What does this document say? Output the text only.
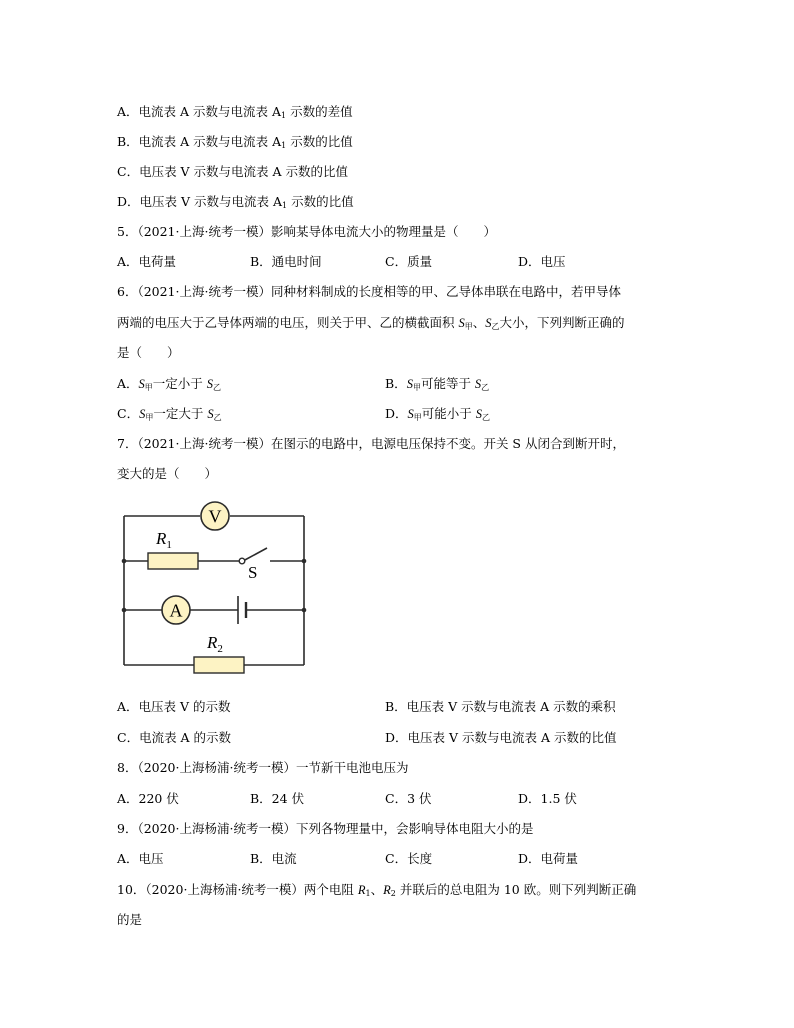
A．电流表 A 示数与电流表 $A_1$ 示数的差值
B．电流表 A 示数与电流表 $A_1$ 示数的比值
C．电压表 V 示数与电流表 A 示数的比值
D．电压表 V 示数与电流表 $A_1$ 示数的比值
5．（2021·上海·统考一模）影响某导体电流大小的物理量是（　　）
A．电荷量	B．通电时间	C．质量	D．电压
6．（2021·上海·统考一模）同种材料制成的长度相等的甲、乙导体串联在电路中，若甲导体
两端的电压大于乙导体两端的电压，则关于甲、乙的横截面积 $S_甲$、$S_乙$大小，下列判断正确的
是（　　）
A．$S_甲$一定小于 $S_乙$	B．$S_甲$可能等于 $S_乙$
C．$S_甲$一定大于 $S_乙$	D．$S_甲$可能小于 $S_乙$
7．（2021·上海·统考一模）在图示的电路中，电源电压保持不变。开关 S 从闭合到断开时，
变大的是（　　）
V
A
$R_1$
S
$R_2$
A．电压表 V 的示数	B．电压表 V 示数与电流表 A 示数的乘积
C．电流表 A 的示数	D．电压表 V 示数与电流表 A 示数的比值
8．（2020·上海杨浦·统考一模）一节新干电池电压为
A．220 伏	B．24 伏	C．3 伏	D．1.5 伏
9．（2020·上海杨浦·统考一模）下列各物理量中，会影响导体电阻大小的是
A．电压	B．电流	C．长度	D．电荷量
10．（2020·上海杨浦·统考一模）两个电阻 $R_1$、$R_2$ 并联后的总电阻为 10 欧。则下列判断正确
的是
